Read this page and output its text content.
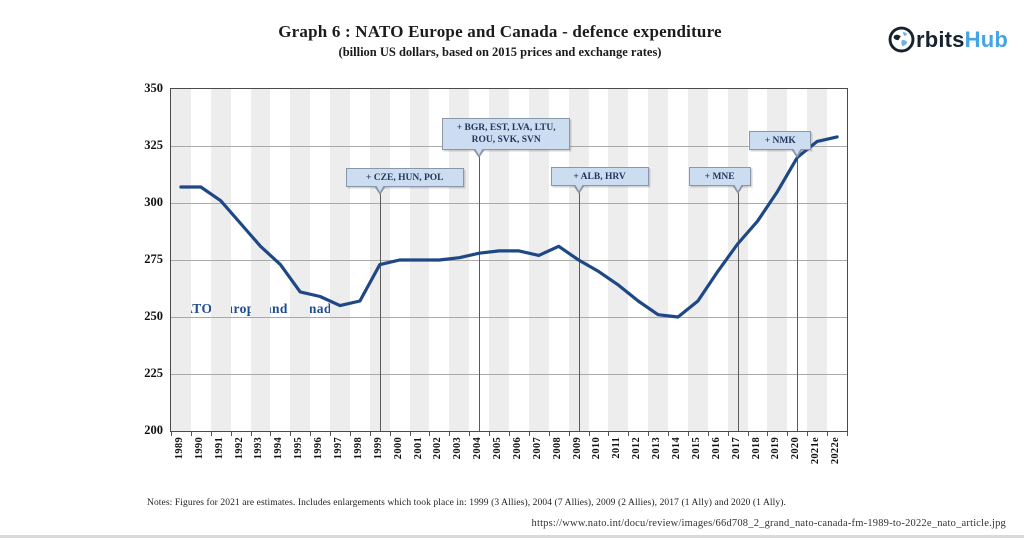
Graph 6 : NATO Europe and Canada - defence expenditure
(billion US dollars, based on 2015 prices and exchange rates)
rbits Hub
NATO Europe and Canada
200
225
250
275
300
325
350
1989 1990 1991 1992 1993 1994 1995 1996 1997 1998 1999 2000 2001 2002 2003 2004 2005 2006 2007 2008 2009 2010 2011 2012 2013 2014 2015 2016 2017 2018 2019 2020 2021e 2022e
+ CZE, HUN, POL
+ BGR, EST, LVA, LTU, ROU, SVK, SVN
+ ALB, HRV	+ MNE
+ NMK
Notes: Figures for 2021 are estimates. Includes enlargements which took place in: 1999 (3 Allies), 2004 (7 Allies), 2009 (2 Allies), 2017 (1 Ally) and 2020 (1 Ally).
https://www.nato.int/docu/review/images/66d708_2_grand_nato-canada-fm-1989-to-2022e_nato_article.jpg
